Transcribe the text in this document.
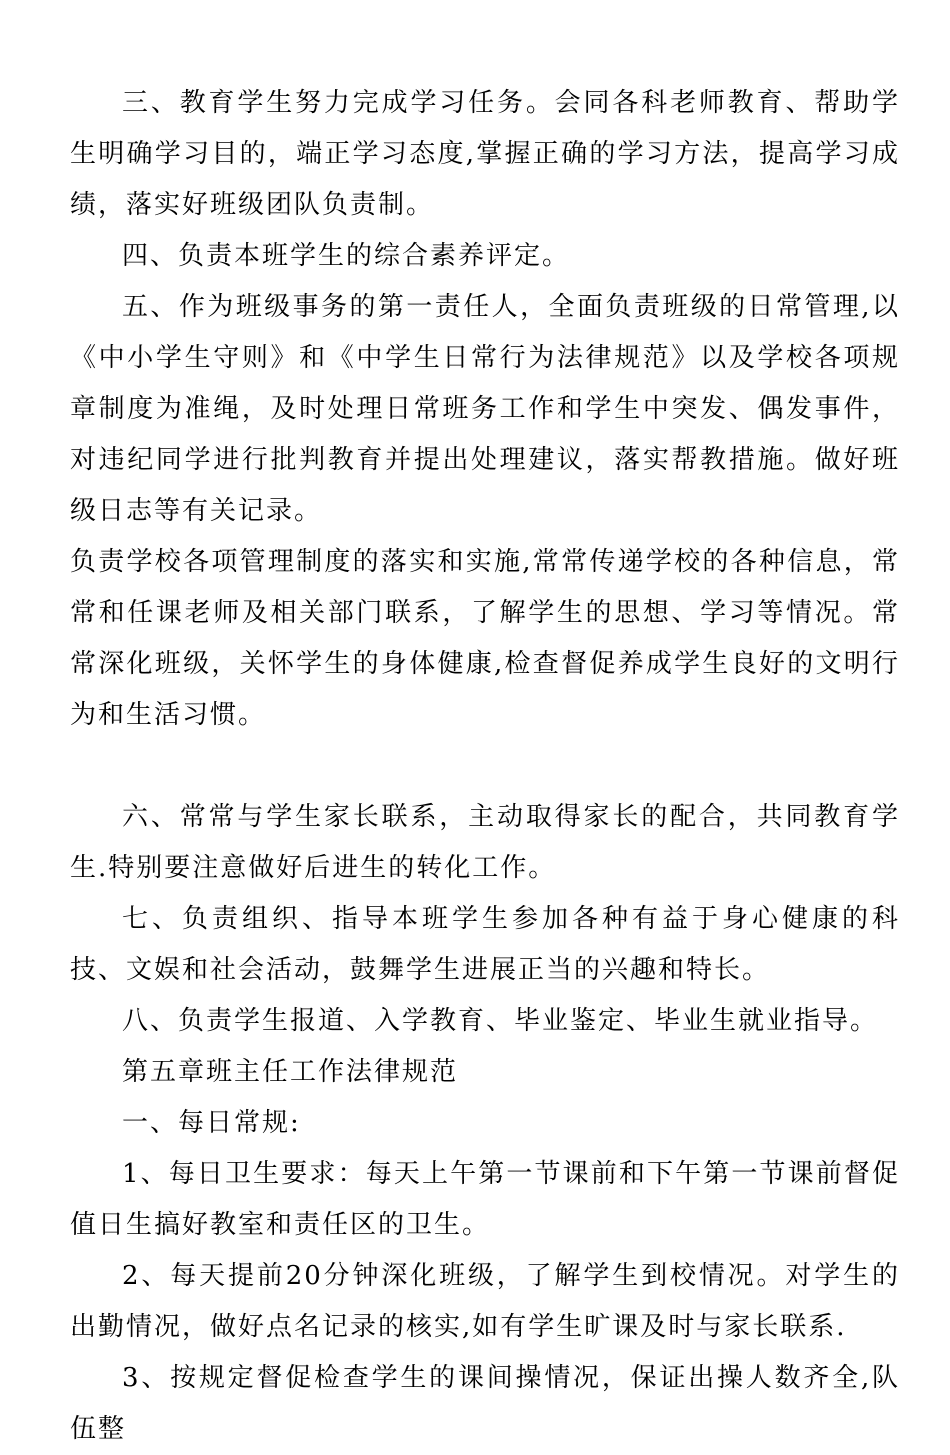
三、教育学生努力完成学习任务。会同各科老师教育、帮助学生明确学习目的，端正学习态度,掌握正确的学习方法，提高学习成绩，落实好班级团队负责制。

四、负责本班学生的综合素养评定。

五、作为班级事务的第一责任人，全面负责班级的日常管理,以《中小学生守则》和《中学生日常行为法律规范》以及学校各项规章制度为准绳，及时处理日常班务工作和学生中突发、偶发事件，对违纪同学进行批判教育并提出处理建议，落实帮教措施。做好班级日志等有关记录。

负责学校各项管理制度的落实和实施,常常传递学校的各种信息，常常和任课老师及相关部门联系，了解学生的思想、学习等情况。常常深化班级，关怀学生的身体健康,检查督促养成学生良好的文明行为和生活习惯。

六、常常与学生家长联系，主动取得家长的配合，共同教育学生.特别要注意做好后进生的转化工作。

七、负责组织、指导本班学生参加各种有益于身心健康的科技、文娱和社会活动，鼓舞学生进展正当的兴趣和特长。

八、负责学生报道、入学教育、毕业鉴定、毕业生就业指导。

第五章班主任工作法律规范

一、每日常规:

1、每日卫生要求：每天上午第一节课前和下午第一节课前督促值日生搞好教室和责任区的卫生。

2、每天提前20分钟深化班级，了解学生到校情况。对学生的出勤情况，做好点名记录的核实,如有学生旷课及时与家长联系.

3、按规定督促检查学生的课间操情况，保证出操人数齐全,队伍整
